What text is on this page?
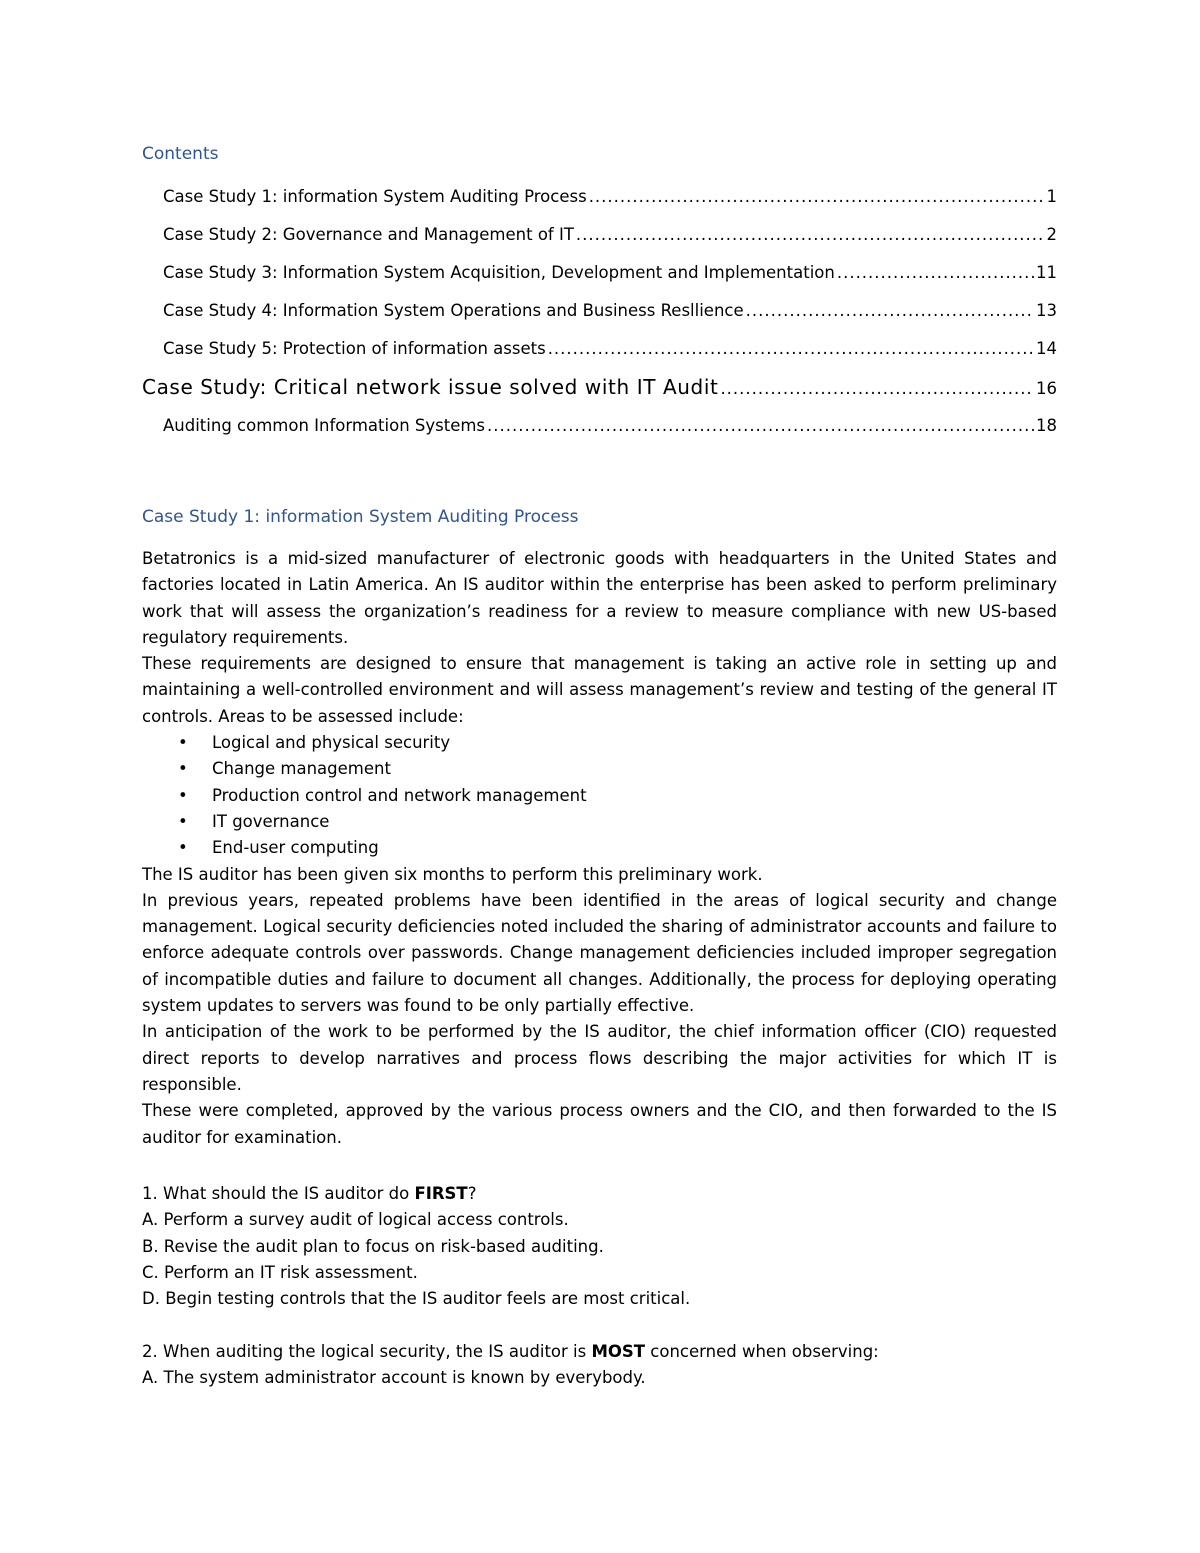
Contents
Case Study 1: information System Auditing Process .....	1
Case Study 2: Governance and Management of IT .....	2
Case Study 3: Information System Acquisition, Development and Implementation .....	11
Case Study 4: Information System Operations and Business Resllience .....	13
Case Study 5: Protection of information assets .....	14
Case Study: Critical network issue solved with IT Audit .....	16
Auditing common Information Systems .....	18
Case Study 1: information System Auditing Process

Betatronics is a mid-sized manufacturer of electronic goods with headquarters in the United States and factories located in Latin America. An IS auditor within the enterprise has been asked to perform preliminary work that will assess the organization’s readiness for a review to measure compliance with new US-based regulatory requirements.

These requirements are designed to ensure that management is taking an active role in setting up and maintaining a well-controlled environment and will assess management’s review and testing of the general IT controls. Areas to be assessed include:

• Logical and physical security
• Change management
• Production control and network management
• IT governance
• End-user computing

The IS auditor has been given six months to perform this preliminary work.

In previous years, repeated problems have been identified in the areas of logical security and change management. Logical security deficiencies noted included the sharing of administrator accounts and failure to enforce adequate controls over passwords. Change management deficiencies included improper segregation of incompatible duties and failure to document all changes. Additionally, the process for deploying operating system updates to servers was found to be only partially effective.

In anticipation of the work to be performed by the IS auditor, the chief information officer (CIO) requested direct reports to develop narratives and process flows describing the major activities for which IT is responsible.

These were completed, approved by the various process owners and the CIO, and then forwarded to the IS auditor for examination.

1. What should the IS auditor do FIRST?
A. Perform a survey audit of logical access controls.
B. Revise the audit plan to focus on risk-based auditing.
C. Perform an IT risk assessment.
D. Begin testing controls that the IS auditor feels are most critical.
2. When auditing the logical security, the IS auditor is MOST concerned when observing:
A. The system administrator account is known by everybody.
